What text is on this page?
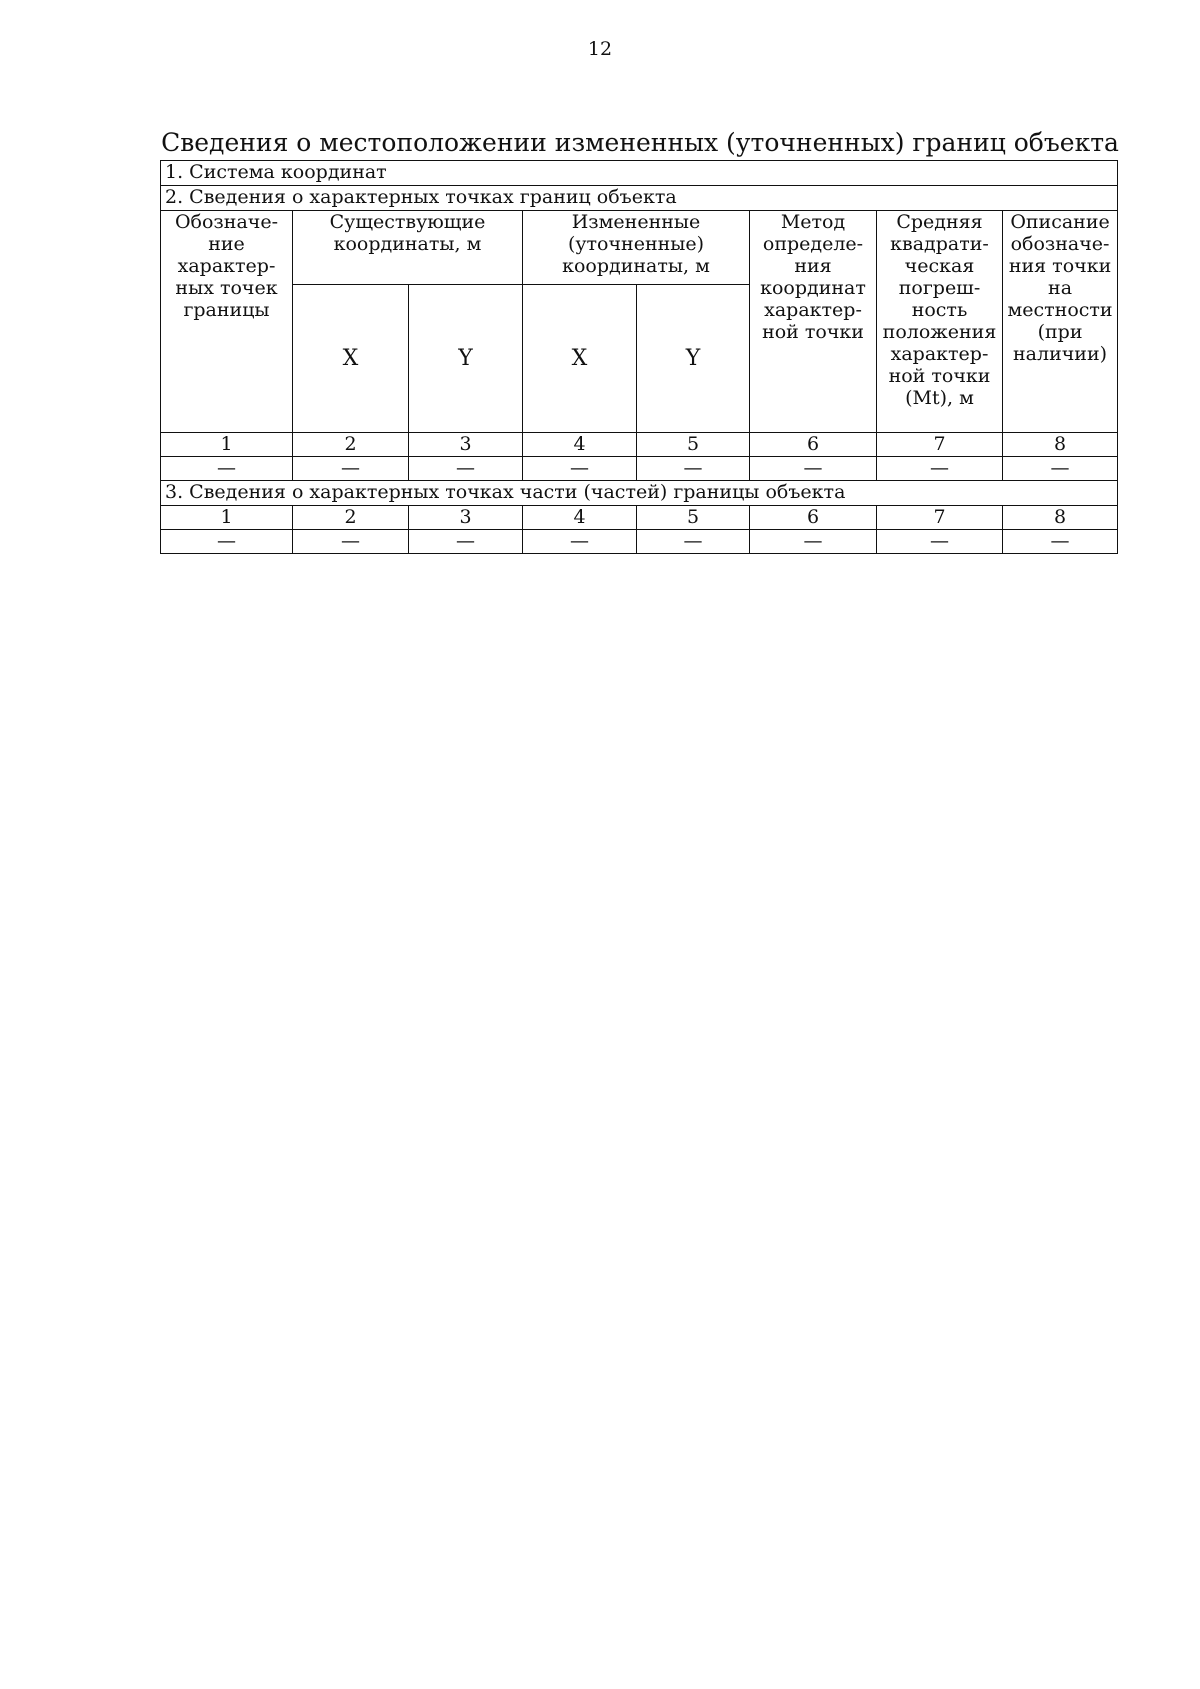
12
Сведения о местоположении измененных (уточненных) границ объекта
1. Система координат							
2. Сведения о характерных точках границ объекта							
Обозначе-ние характер-ных точек границы	Существующие координаты, м		Измененные (уточненные) координаты, м		Метод определе-ния координат характер-ной точки	Средняя квадрати-ческая погреш-ность положения характер-ной точки (Mt), м	Описание обозначе-ния точки на местности (при наличии)
	X	Y	X	Y			
1	2	3	4	5	6	7	8
—	—	—	—	—	—	—	—
3. Сведения о характерных точках части (частей) границы объекта							
1	2	3	4	5	6	7	8
—	—	—	—	—	—	—	—
